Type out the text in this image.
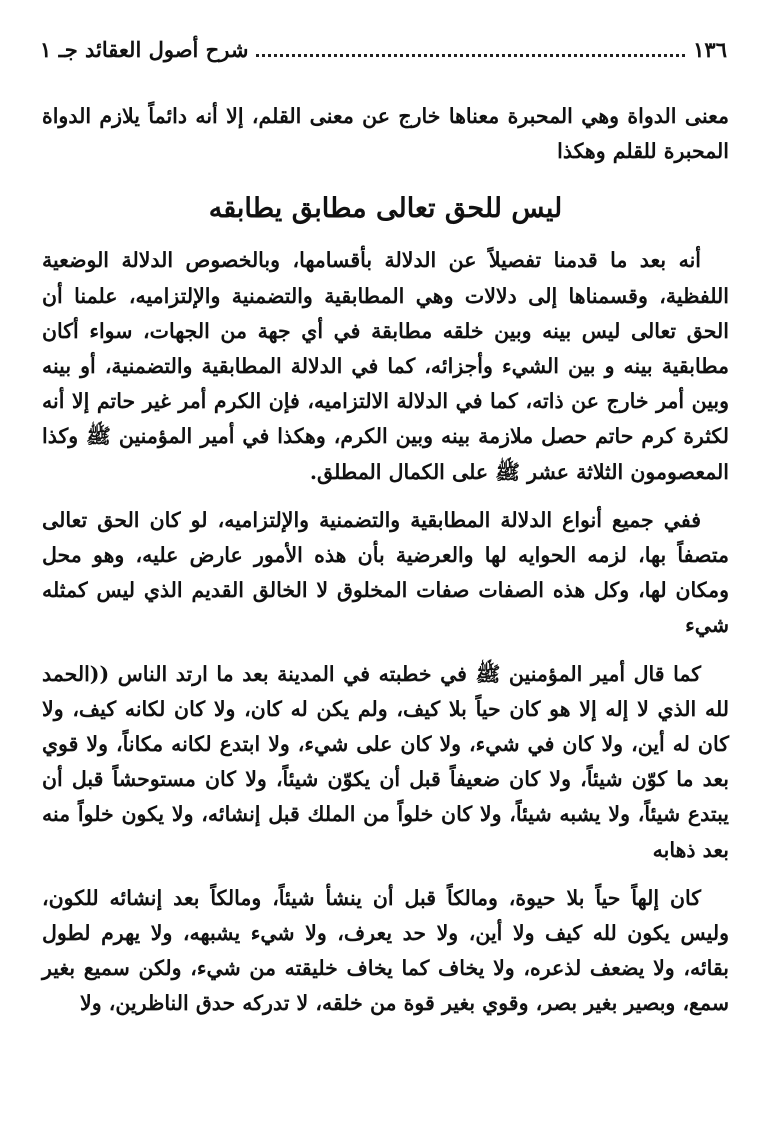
١٣٦
شرح أصول العقائد جـ ١

معنى الدواة وهي المحبرة معناها خارج عن معنى القلم، إلا أنه دائماً يلازم الدواة المحبرة للقلم وهكذا

ليس للحق تعالى مطابق يطابقه

أنه بعد ما قدمنا تفصيلاً عن الدلالة بأقسامها، وبالخصوص الدلالة الوضعية اللفظية، وقسمناها إلى دلالات وهي المطابقية والتضمنية والإلتزاميه، علمنا أن الحق تعالى ليس بينه وبين خلقه مطابقة في أي جهة من الجهات، سواء أكان مطابقية بينه و بين الشيء وأجزائه، كما في الدلالة المطابقية والتضمنية، أو بينه وبين أمر خارج عن ذاته، كما في الدلالة الالتزاميه، فإن الكرم أمر غير حاتم إلا أنه لكثرة كرم حاتم حصل ملازمة بينه وبين الكرم، وهكذا في أمير المؤمنين ﷺ وكذا المعصومون الثلاثة عشر ﷺ على الكمال المطلق.

ففي جميع أنواع الدلالة المطابقية والتضمنية والإلتزاميه، لو كان الحق تعالى متصفاً بها، لزمه الحوايه لها والعرضية بأن هذه الأمور عارض عليه، وهو محل ومكان لها، وكل هذه الصفات صفات المخلوق لا الخالق القديم الذي ليس كمثله شيء

كما قال أمير المؤمنين ﷺ في خطبته في المدينة بعد ما ارتد الناس ((الحمد لله الذي لا إله إلا هو كان حياً بلا كيف، ولم يكن له كان، ولا كان لكانه كيف، ولا كان له أين، ولا كان في شيء، ولا كان على شيء، ولا ابتدع لكانه مكاناً، ولا قوي بعد ما كوّن شيئاً، ولا كان ضعيفاً قبل أن يكوّن شيئاً، ولا كان مستوحشاً قبل أن يبتدع شيئاً، ولا يشبه شيئاً، ولا كان خلواً من الملك قبل إنشائه، ولا يكون خلواً منه بعد ذهابه

كان إلهاً حياً بلا حيوة، ومالكاً قبل أن ينشأ شيئاً، ومالكاً بعد إنشائه للكون، وليس يكون لله كيف ولا أين، ولا حد يعرف، ولا شيء يشبهه، ولا يهرم لطول بقائه، ولا يضعف لذعره، ولا يخاف كما يخاف خليقته من شيء، ولكن سميع بغير سمع، وبصير بغير بصر، وقوي بغير قوة من خلقه، لا تدركه حدق الناظرين، ولا
